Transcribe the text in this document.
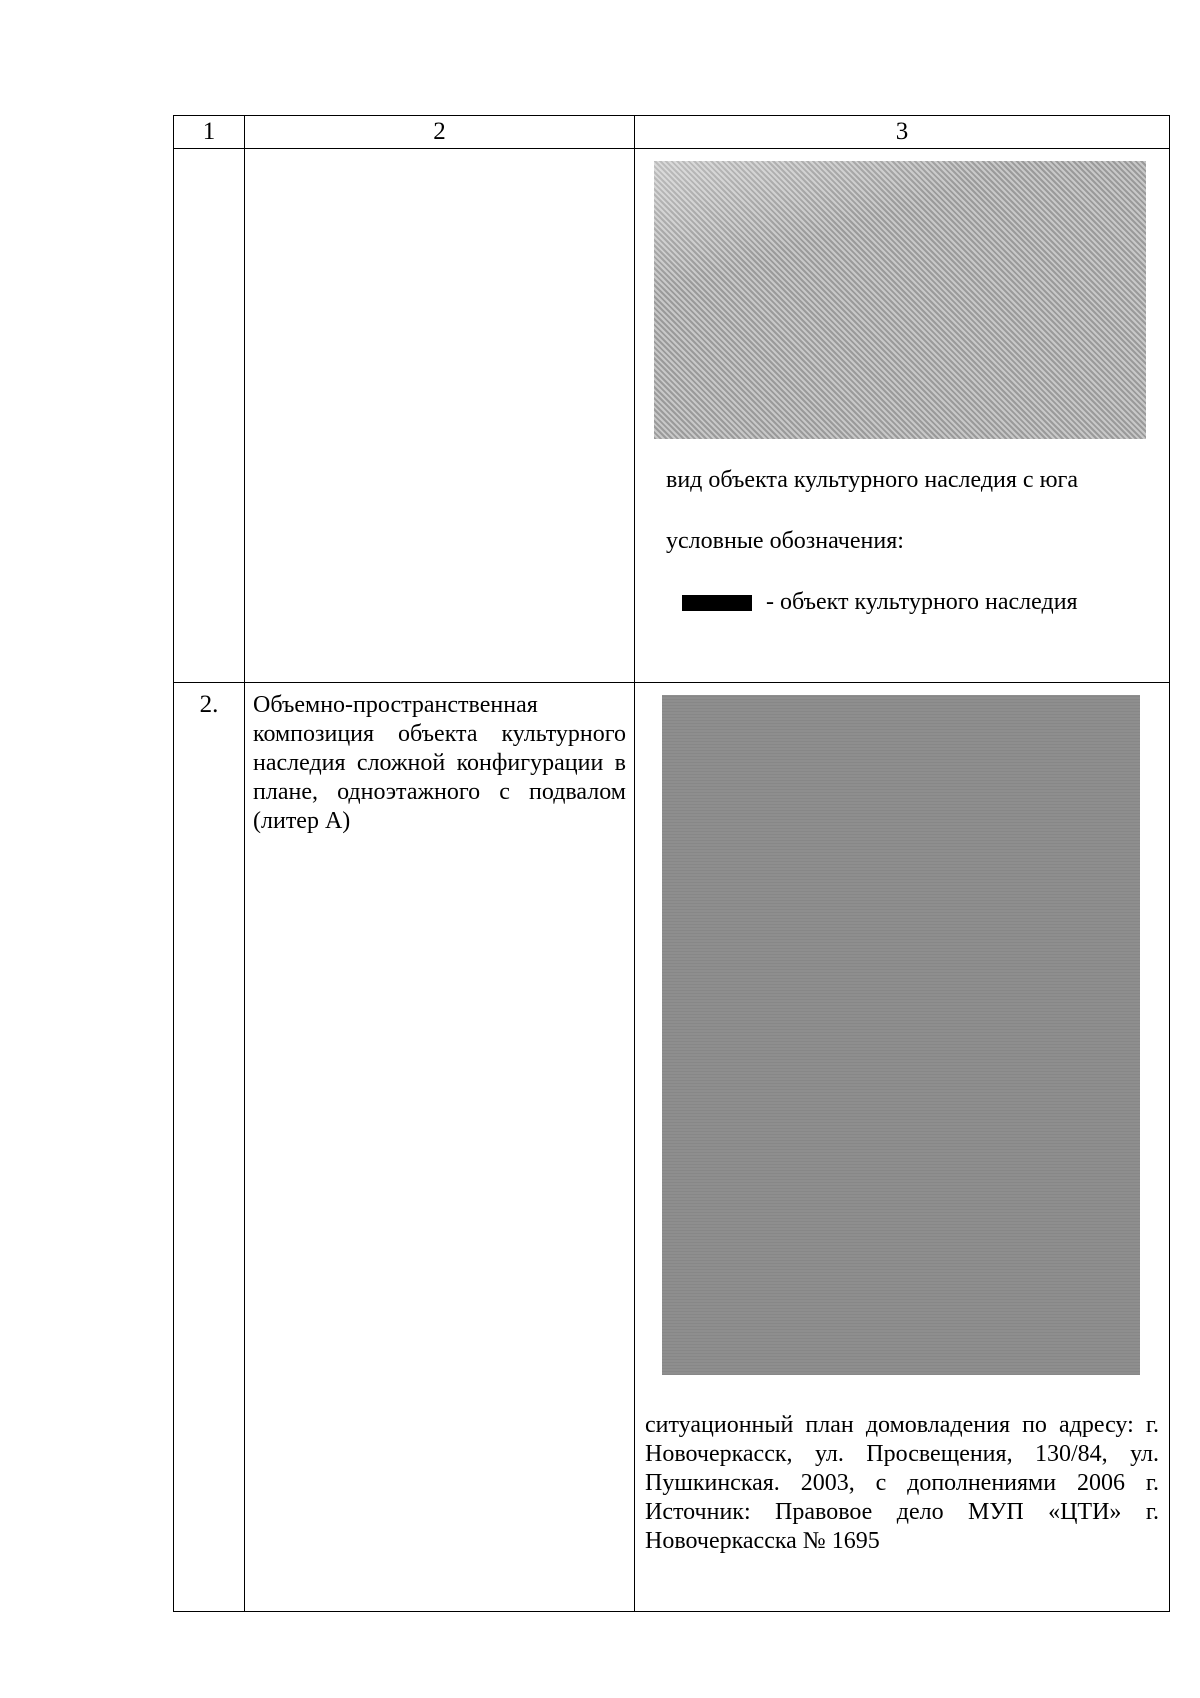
1	2	3

		вид объекта культурного наследия с юга
условные обозначения:
- объект культурного наследия

2.	Объемно-пространственная композиция объекта культурного наследия сложной конфигурации в плане, одноэтажного с подвалом (литер А)	ситуационный план домовладения по адресу: г. Новочеркасск, ул. Просвещения, 130/84, ул. Пушкинская. 2003, с дополнениями 2006 г. Источник: Правовое дело МУП «ЦТИ» г. Новочеркасска № 1695
